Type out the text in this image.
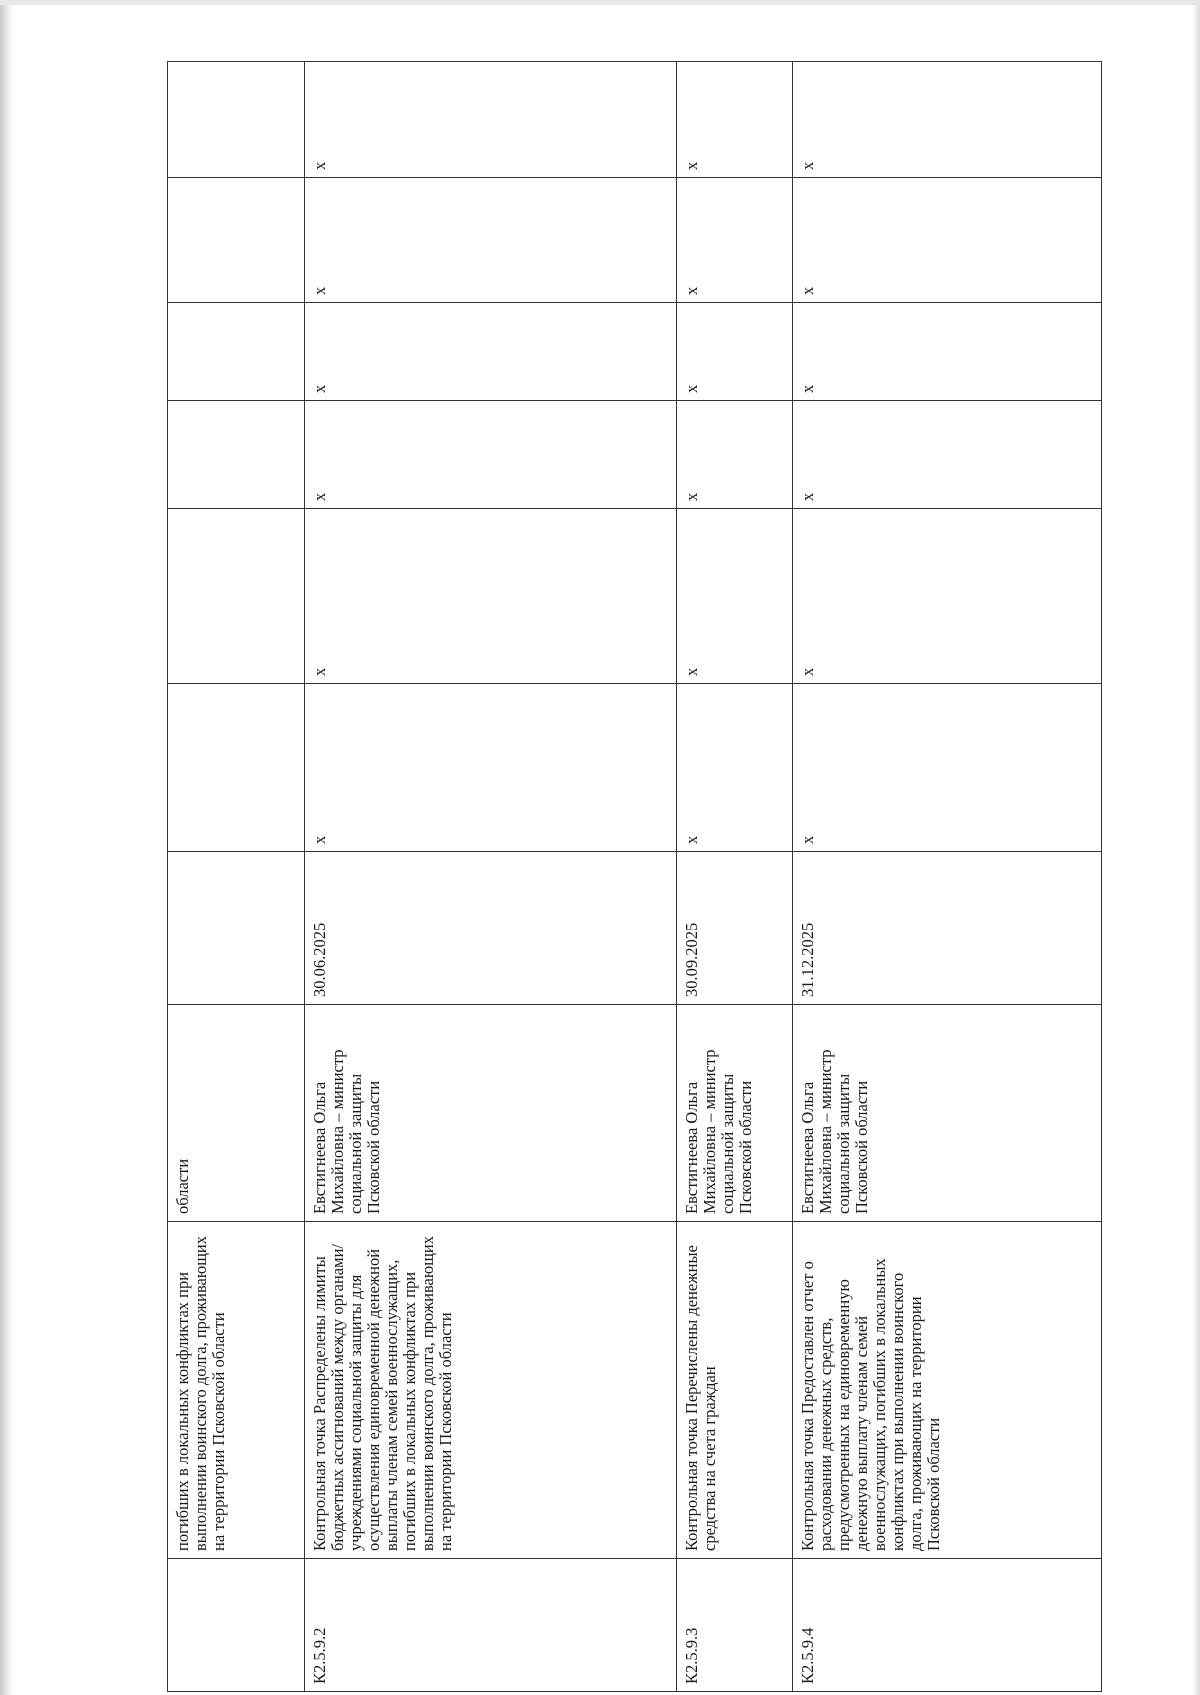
	погибших в локальных конфликтах при выполнении воинского долга, проживающих на территории Псковской области	области							
К2.5.9.2	Контрольная точка Распределены лимиты бюджетных ассигнований между органами/учреждениями социальной защиты для осуществления единовременной денежной выплаты членам семей военнослужащих, погибших в локальных конфликтах при выполнении воинского долга, проживающих на территории Псковской области	Евстигнеева Ольга Михайловна – министр социальной защиты Псковской области	30.06.2025	х	х	х	х	х	х
К2.5.9.3	Контрольная точка Перечислены денежные средства на счета граждан	Евстигнеева Ольга Михайловна – министр социальной защиты Псковской области	30.09.2025	х	х	х	х	х	х
К2.5.9.4	Контрольная точка Предоставлен отчет о расходовании денежных средств, предусмотренных на единовременную денежную выплату членам семей военнослужащих, погибших в локальных конфликтах при выполнении воинского долга, проживающих на территории Псковской области	Евстигнеева Ольга Михайловна – министр социальной защиты Псковской области	31.12.2025	х	х	х	х	х	х
